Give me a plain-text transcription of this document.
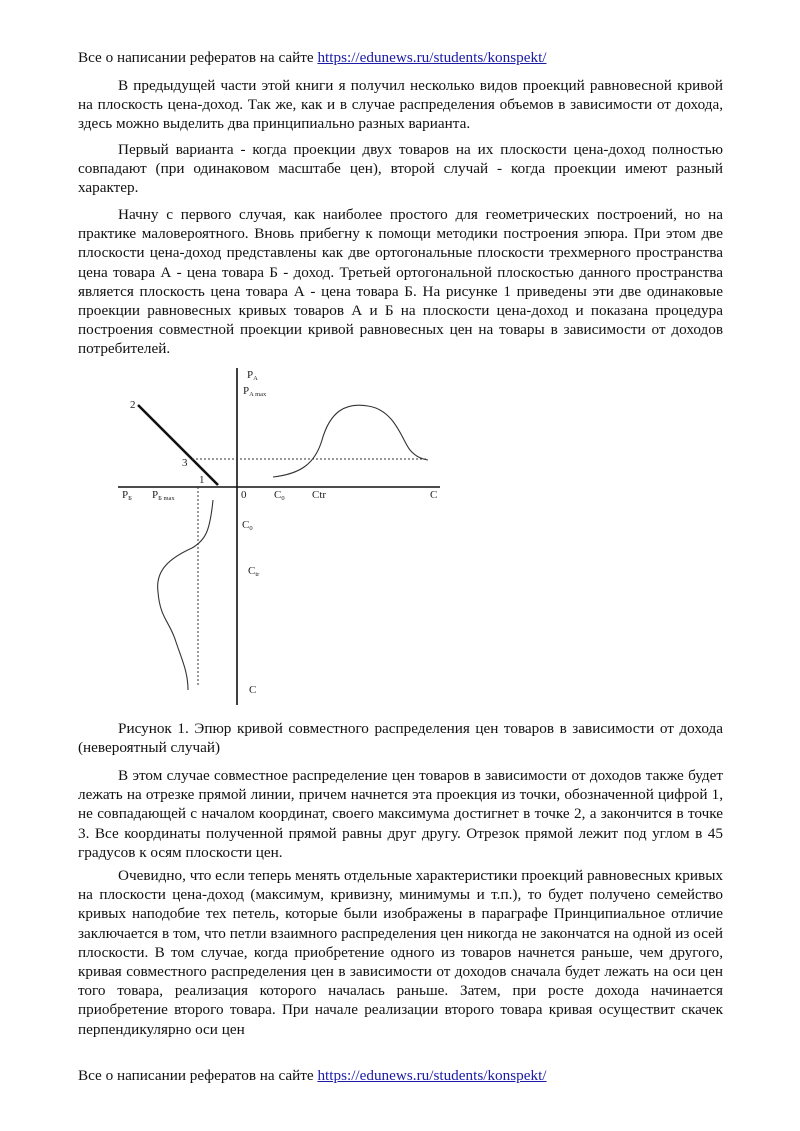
Все о написании рефератов на сайте https://edunews.ru/students/konspekt/

В предыдущей части этой книги я получил несколько видов проекций равновесной кривой на плоскость цена-доход. Так же, как и в случае распределения объемов в зависимости от дохода, здесь можно выделить два принципиально разных варианта.

Первый варианта - когда проекции двух товаров на их плоскости цена-доход полностью совпадают (при одинаковом масштабе цен), второй случай - когда проекции имеют разный характер.

Начну с первого случая, как наиболее простого для геометрических построений, но на практике маловероятного. Вновь прибегну к помощи методики построения эпюра. При этом две плоскости цена-доход представлены как две ортогональные плоскости трехмерного пространства цена товара А - цена товара Б - доход. Третьей ортогональной плоскостью данного пространства является плоскость цена товара А - цена товара Б. На рисунке 1 приведены эти две одинаковые проекции равновесных кривых товаров А и Б на плоскости цена-доход и показана процедура построения совместной проекции кривой равновесных цен на товары в зависимости от доходов потребителей.

PA
PA max
PБ PБ max	0	C0 Ctr	C
C0
Ctr
C
1
2
3

Рисунок 1. Эпюр кривой совместного распределения цен товаров в зависимости от дохода (невероятный случай)

В этом случае совместное распределение цен товаров в зависимости от доходов также будет лежать на отрезке прямой линии, причем начнется эта проекция из точки, обозначенной цифрой 1, не совпадающей с началом координат, своего максимума достигнет в точке 2, а закончится в точке 3. Все координаты полученной прямой равны друг другу. Отрезок прямой лежит под углом в 45 градусов к осям плоскости цен.

Очевидно, что если теперь менять отдельные характеристики проекций равновесных кривых на плоскости цена-доход (максимум, кривизну, минимумы и т.п.), то будет получено семейство кривых наподобие тех петель, которые были изображены в параграфе Принципиальное отличие заключается в том, что петли взаимного распределения цен никогда не закончатся на одной из осей плоскости. В том случае, когда приобретение одного из товаров начнется раньше, чем другого, кривая совместного распределения цен в зависимости от доходов сначала будет лежать на оси цен того товара, реализация которого началась раньше. Затем, при росте дохода начинается приобретение второго товара. При начале реализации второго товара кривая осуществит скачек перпендикулярно оси цен

Все о написании рефератов на сайте https://edunews.ru/students/konspekt/
